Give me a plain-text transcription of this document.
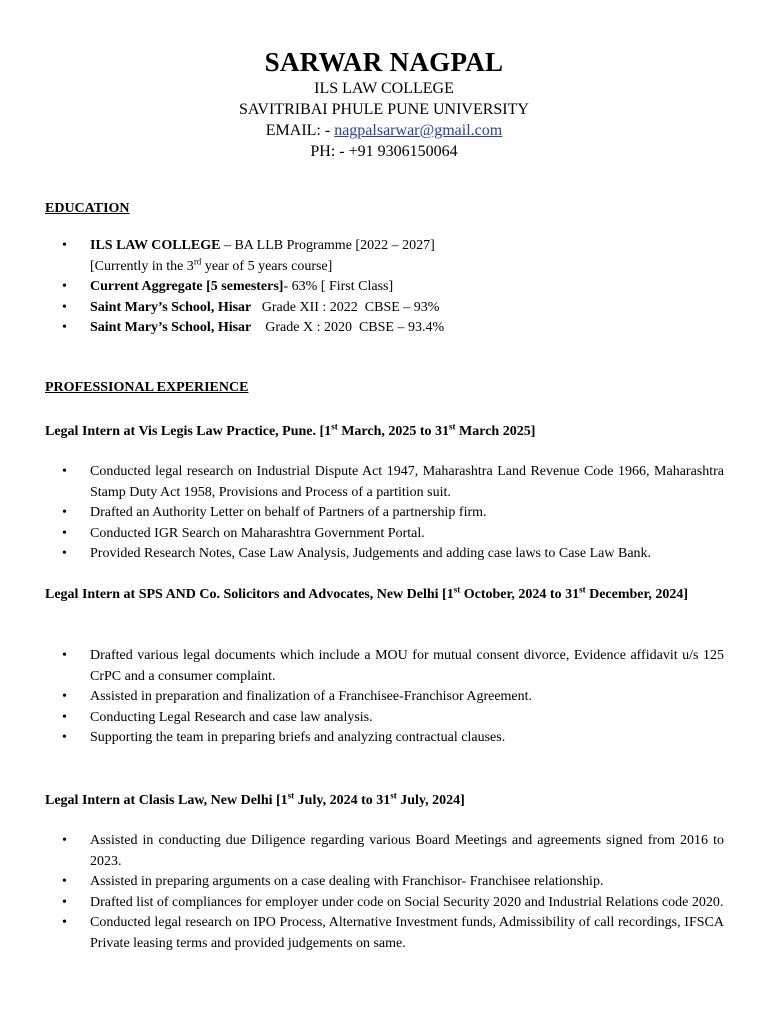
SARWAR NAGPAL
ILS LAW COLLEGE
SAVITRIBAI PHULE PUNE UNIVERSITY
EMAIL: - nagpalsarwar@gmail.com
PH: - +91 9306150064
EDUCATION
• ILS LAW COLLEGE – BA LLB Programme [2022 – 2027]
[Currently in the 3rd year of 5 years course]
• Current Aggregate [5 semesters]- 63% [ First Class]
• Saint Mary’s School, Hisar   Grade XII : 2022  CBSE – 93%
• Saint Mary’s School, Hisar    Grade X : 2020  CBSE – 93.4%
PROFESSIONAL EXPERIENCE
Legal Intern at Vis Legis Law Practice, Pune. [1st March, 2025 to 31st March 2025]
• Conducted legal research on Industrial Dispute Act 1947, Maharashtra Land Revenue Code 1966, Maharashtra Stamp Duty Act 1958, Provisions and Process of a partition suit.
• Drafted an Authority Letter on behalf of Partners of a partnership firm.
• Conducted IGR Search on Maharashtra Government Portal.
• Provided Research Notes, Case Law Analysis, Judgements and adding case laws to Case Law Bank.
Legal Intern at SPS AND Co. Solicitors and Advocates, New Delhi [1st October, 2024 to 31st December, 2024]
• Drafted various legal documents which include a MOU for mutual consent divorce, Evidence affidavit u/s 125 CrPC and a consumer complaint.
• Assisted in preparation and finalization of a Franchisee-Franchisor Agreement.
• Conducting Legal Research and case law analysis.
• Supporting the team in preparing briefs and analyzing contractual clauses.
Legal Intern at Clasis Law, New Delhi [1st July, 2024 to 31st July, 2024]
• Assisted in conducting due Diligence regarding various Board Meetings and agreements signed from 2016 to 2023.
• Assisted in preparing arguments on a case dealing with Franchisor- Franchisee relationship.
• Drafted list of compliances for employer under code on Social Security 2020 and Industrial Relations code 2020.
• Conducted legal research on IPO Process, Alternative Investment funds, Admissibility of call recordings, IFSCA Private leasing terms and provided judgements on same.
